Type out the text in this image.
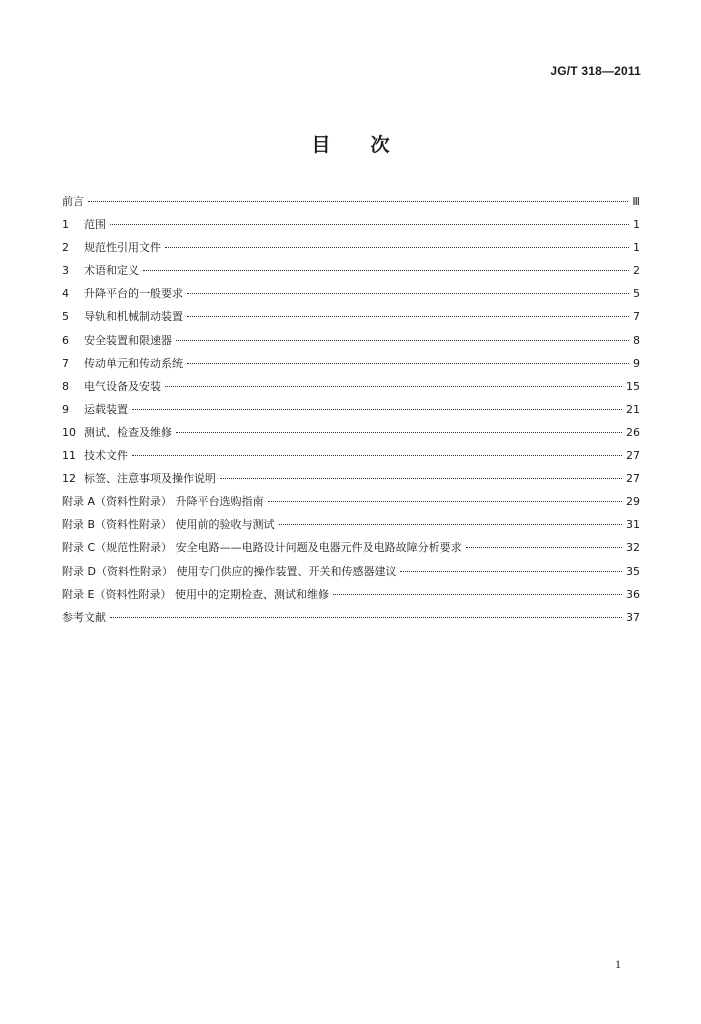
JG/T 318—2011
目 次
前言	Ⅲ
1	范围	1
2	规范性引用文件	1
3	术语和定义	2
4	升降平台的一般要求	5
5	导轨和机械制动装置	7
6	安全装置和限速器	8
7	传动单元和传动系统	9
8	电气设备及安装	15
9	运载装置	21
10 测试、检查及维修	26
11 技术文件	27
12 标签、注意事项及操作说明	27
附录 A（资料性附录） 升降平台选购指南	29
附录 B（资料性附录） 使用前的验收与测试	31
附录 C（规范性附录） 安全电路——电路设计问题及电器元件及电路故障分析要求	32
附录 D（资料性附录） 使用专门供应的操作装置、开关和传感器建议	35
附录 E（资料性附录） 使用中的定期检查、测试和维修	36
参考文献	37
1
